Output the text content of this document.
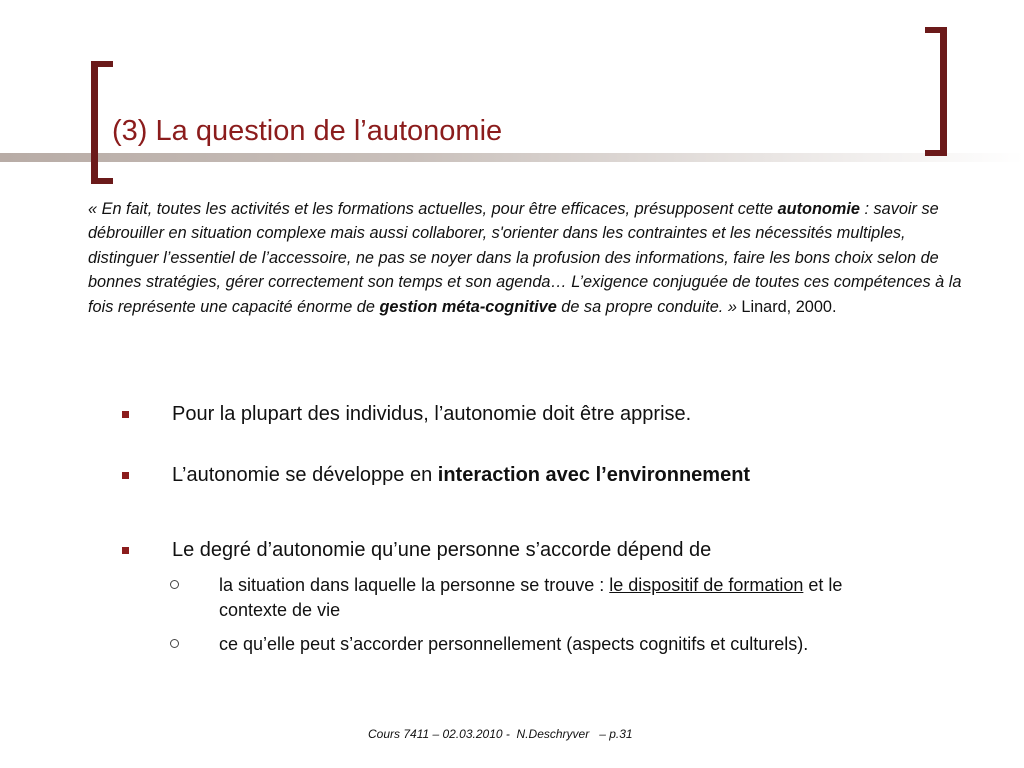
(3) La question de l’autonomie

« En fait, toutes les activités et les formations actuelles, pour être efficaces, présupposent cette autonomie : savoir se débrouiller en situation complexe mais aussi collaborer, s'orienter dans les contraintes et les nécessités multiples, distinguer l’essentiel de l’accessoire, ne pas se noyer dans la profusion des informations, faire les bons choix selon de bonnes stratégies, gérer correctement son temps et son agenda… L’exigence conjuguée de toutes ces compétences à la fois représente une capacité énorme de gestion méta-cognitive de sa propre conduite. » Linard, 2000.

Pour la plupart des individus, l’autonomie doit être apprise.
L’autonomie se développe en interaction avec l’environnement
Le degré d’autonomie qu’une personne s’accorde dépend de
la situation dans laquelle la personne se trouve : le dispositif de formation et le contexte de vie
ce qu’elle peut s’accorder personnellement (aspects cognitifs et culturels).

Cours 7411 – 02.03.2010 -  N.Deschryver   – p.31
